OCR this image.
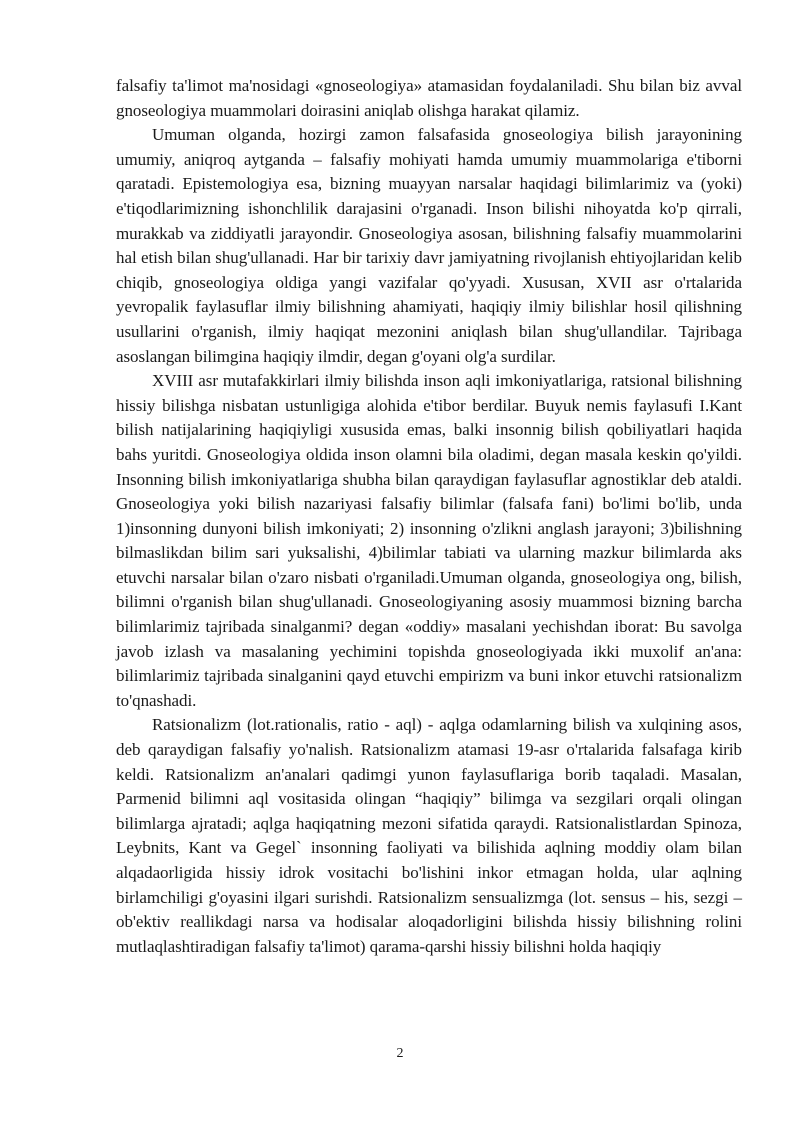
falsafiy ta'limot ma'nosidagi «gnoseologiya» atamasidan foydalaniladi. Shu bilan biz avval gnoseologiya muammolari doirasini aniqlab olishga harakat qilamiz.

Umuman olganda, hozirgi zamon falsafasida gnoseologiya bilish jarayonining umumiy, aniqroq aytganda – falsafiy mohiyati hamda umumiy muammolariga e'tiborni qaratadi. Epistemologiya esa, bizning muayyan narsalar haqidagi bilimlarimiz va (yoki) e'tiqodlarimizning ishonchlilik darajasini o'rganadi. Inson bilishi nihoyatda ko'p qirrali, murakkab va ziddiyatli jarayondir. Gnoseologiya asosan, bilishning falsafiy muammolarini hal etish bilan shug'ullanadi. Har bir tarixiy davr jamiyatning rivojlanish ehtiyojlaridan kelib chiqib, gnoseologiya oldiga yangi vazifalar qo'yyadi. Xususan, XVII asr o'rtalarida yevropalik faylasuflar ilmiy bilishning ahamiyati, haqiqiy ilmiy bilishlar hosil qilishning usullarini o'rganish, ilmiy haqiqat mezonini aniqlash bilan shug'ullandilar. Tajribaga asoslangan bilimgina haqiqiy ilmdir, degan g'oyani olg'a surdilar.

XVIII asr mutafakkirlari ilmiy bilishda inson aqli imkoniyatlariga, ratsional bilishning hissiy bilishga nisbatan ustunligiga alohida e'tibor berdilar. Buyuk nemis faylasufi I.Kant bilish natijalarining haqiqiyligi xususida emas, balki insonnig bilish qobiliyatlari haqida bahs yuritdi. Gnoseologiya oldida inson olamni bila oladimi, degan masala keskin qo'yildi. Insonning bilish imkoniyatlariga shubha bilan qaraydigan faylasuflar agnostiklar deb ataldi. Gnoseologiya yoki bilish nazariyasi falsafiy bilimlar (falsafa fani) bo'limi bo'lib, unda 1)insonning dunyoni bilish imkoniyati; 2) insonning o'zlikni anglash jarayoni; 3)bilishning bilmaslikdan bilim sari yuksalishi, 4)bilimlar tabiati va ularning mazkur bilimlarda aks etuvchi narsalar bilan o'zaro nisbati o'rganiladi.Umuman olganda, gnoseologiya ong, bilish, bilimni o'rganish bilan shug'ullanadi. Gnoseologiyaning asosiy muammosi bizning barcha bilimlarimiz tajribada sinalganmi? degan «oddiy» masalani yechishdan iborat: Bu savolga javob izlash va masalaning yechimini topishda gnoseologiyada ikki muxolif an'ana: bilimlarimiz tajribada sinalganini qayd etuvchi empirizm va buni inkor etuvchi ratsionalizm to'qnashadi.

Ratsionalizm (lot.rationalis, ratio - aql) - aqlga odamlarning bilish va xulqining asos, deb qaraydigan falsafiy yo'nalish. Ratsionalizm atamasi 19-asr o'rtalarida falsafaga kirib keldi. Ratsionalizm an'analari qadimgi yunon faylasuflariga borib taqaladi. Masalan, Parmenid bilimni aql vositasida olingan “haqiqiy” bilimga va sezgilari orqali olingan bilimlarga ajratadi; aqlga haqiqatning mezoni sifatida qaraydi. Ratsionalistlardan Spinoza, Leybnits, Kant va Gegel` insonning faoliyati va bilishida aqlning moddiy olam bilan alqadaorligida hissiy idrok vositachi bo'lishini inkor etmagan holda, ular aqlning birlamchiligi g'oyasini ilgari surishdi. Ratsionalizm sensualizmga (lot. sensus – his, sezgi – ob'ektiv reallikdagi narsa va hodisalar aloqadorligini bilishda hissiy bilishning rolini mutlaqlashtiradigan falsafiy ta'limot) qarama-qarshi hissiy bilishni holda haqiqiy

2
